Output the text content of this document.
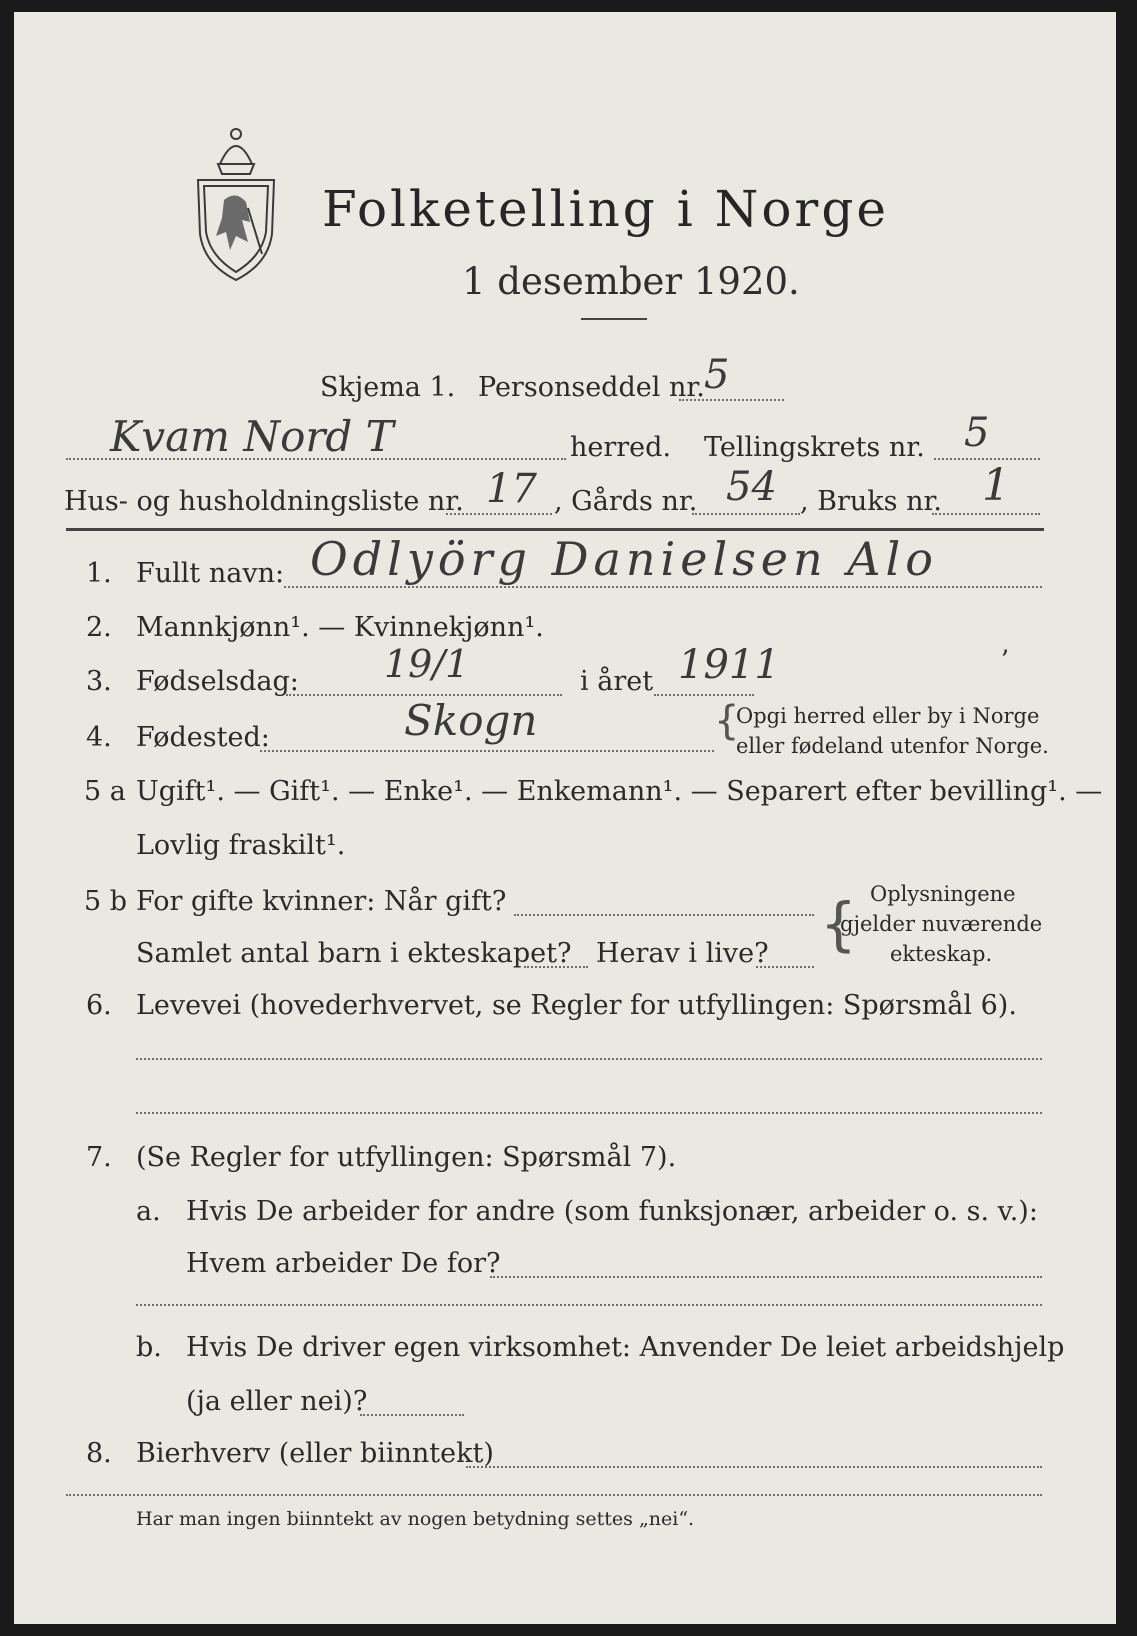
Folketelling i Norge
1 desember 1920.
Skjema 1. Personseddel nr. 5
Kvam Nord T	herred. Tellingskrets nr. 5
Hus- og husholdningsliste nr. 17 , Gårds nr. 54 , Bruks nr. 1
1. Fullt navn: Odlyörg Danielsen Alo
2. Mannkjønn¹. — Kvinnekjønn¹.
3. Fødselsdag: 19/1	i året 1911	ʼ
4. Fødested:	Skogn	{
Opgi herred eller by i Norge
eller fødeland utenfor Norge.
5 a Ugift¹. — Gift¹. — Enke¹. — Enkemann¹. — Separert efter bevilling¹. —
Lovlig fraskilt¹.
5 b For gifte kvinner: Når gift?
Samlet antal barn i ekteskapet? Herav i live? { Oplysningene
gjelder nuværende
ekteskap.
6. Levevei (hovederhvervet, se Regler for utfyllingen: Spørsmål 6).
7. (Se Regler for utfyllingen: Spørsmål 7).
a. Hvis De arbeider for andre (som funksjonær, arbeider o. s. v.):
Hvem arbeider De for?
b. Hvis De driver egen virksomhet: Anvender De leiet arbeidshjelp
(ja eller nei)?
8. Bierhverv (eller biinntekt)
Har man ingen biinntekt av nogen betydning settes „nei“.
